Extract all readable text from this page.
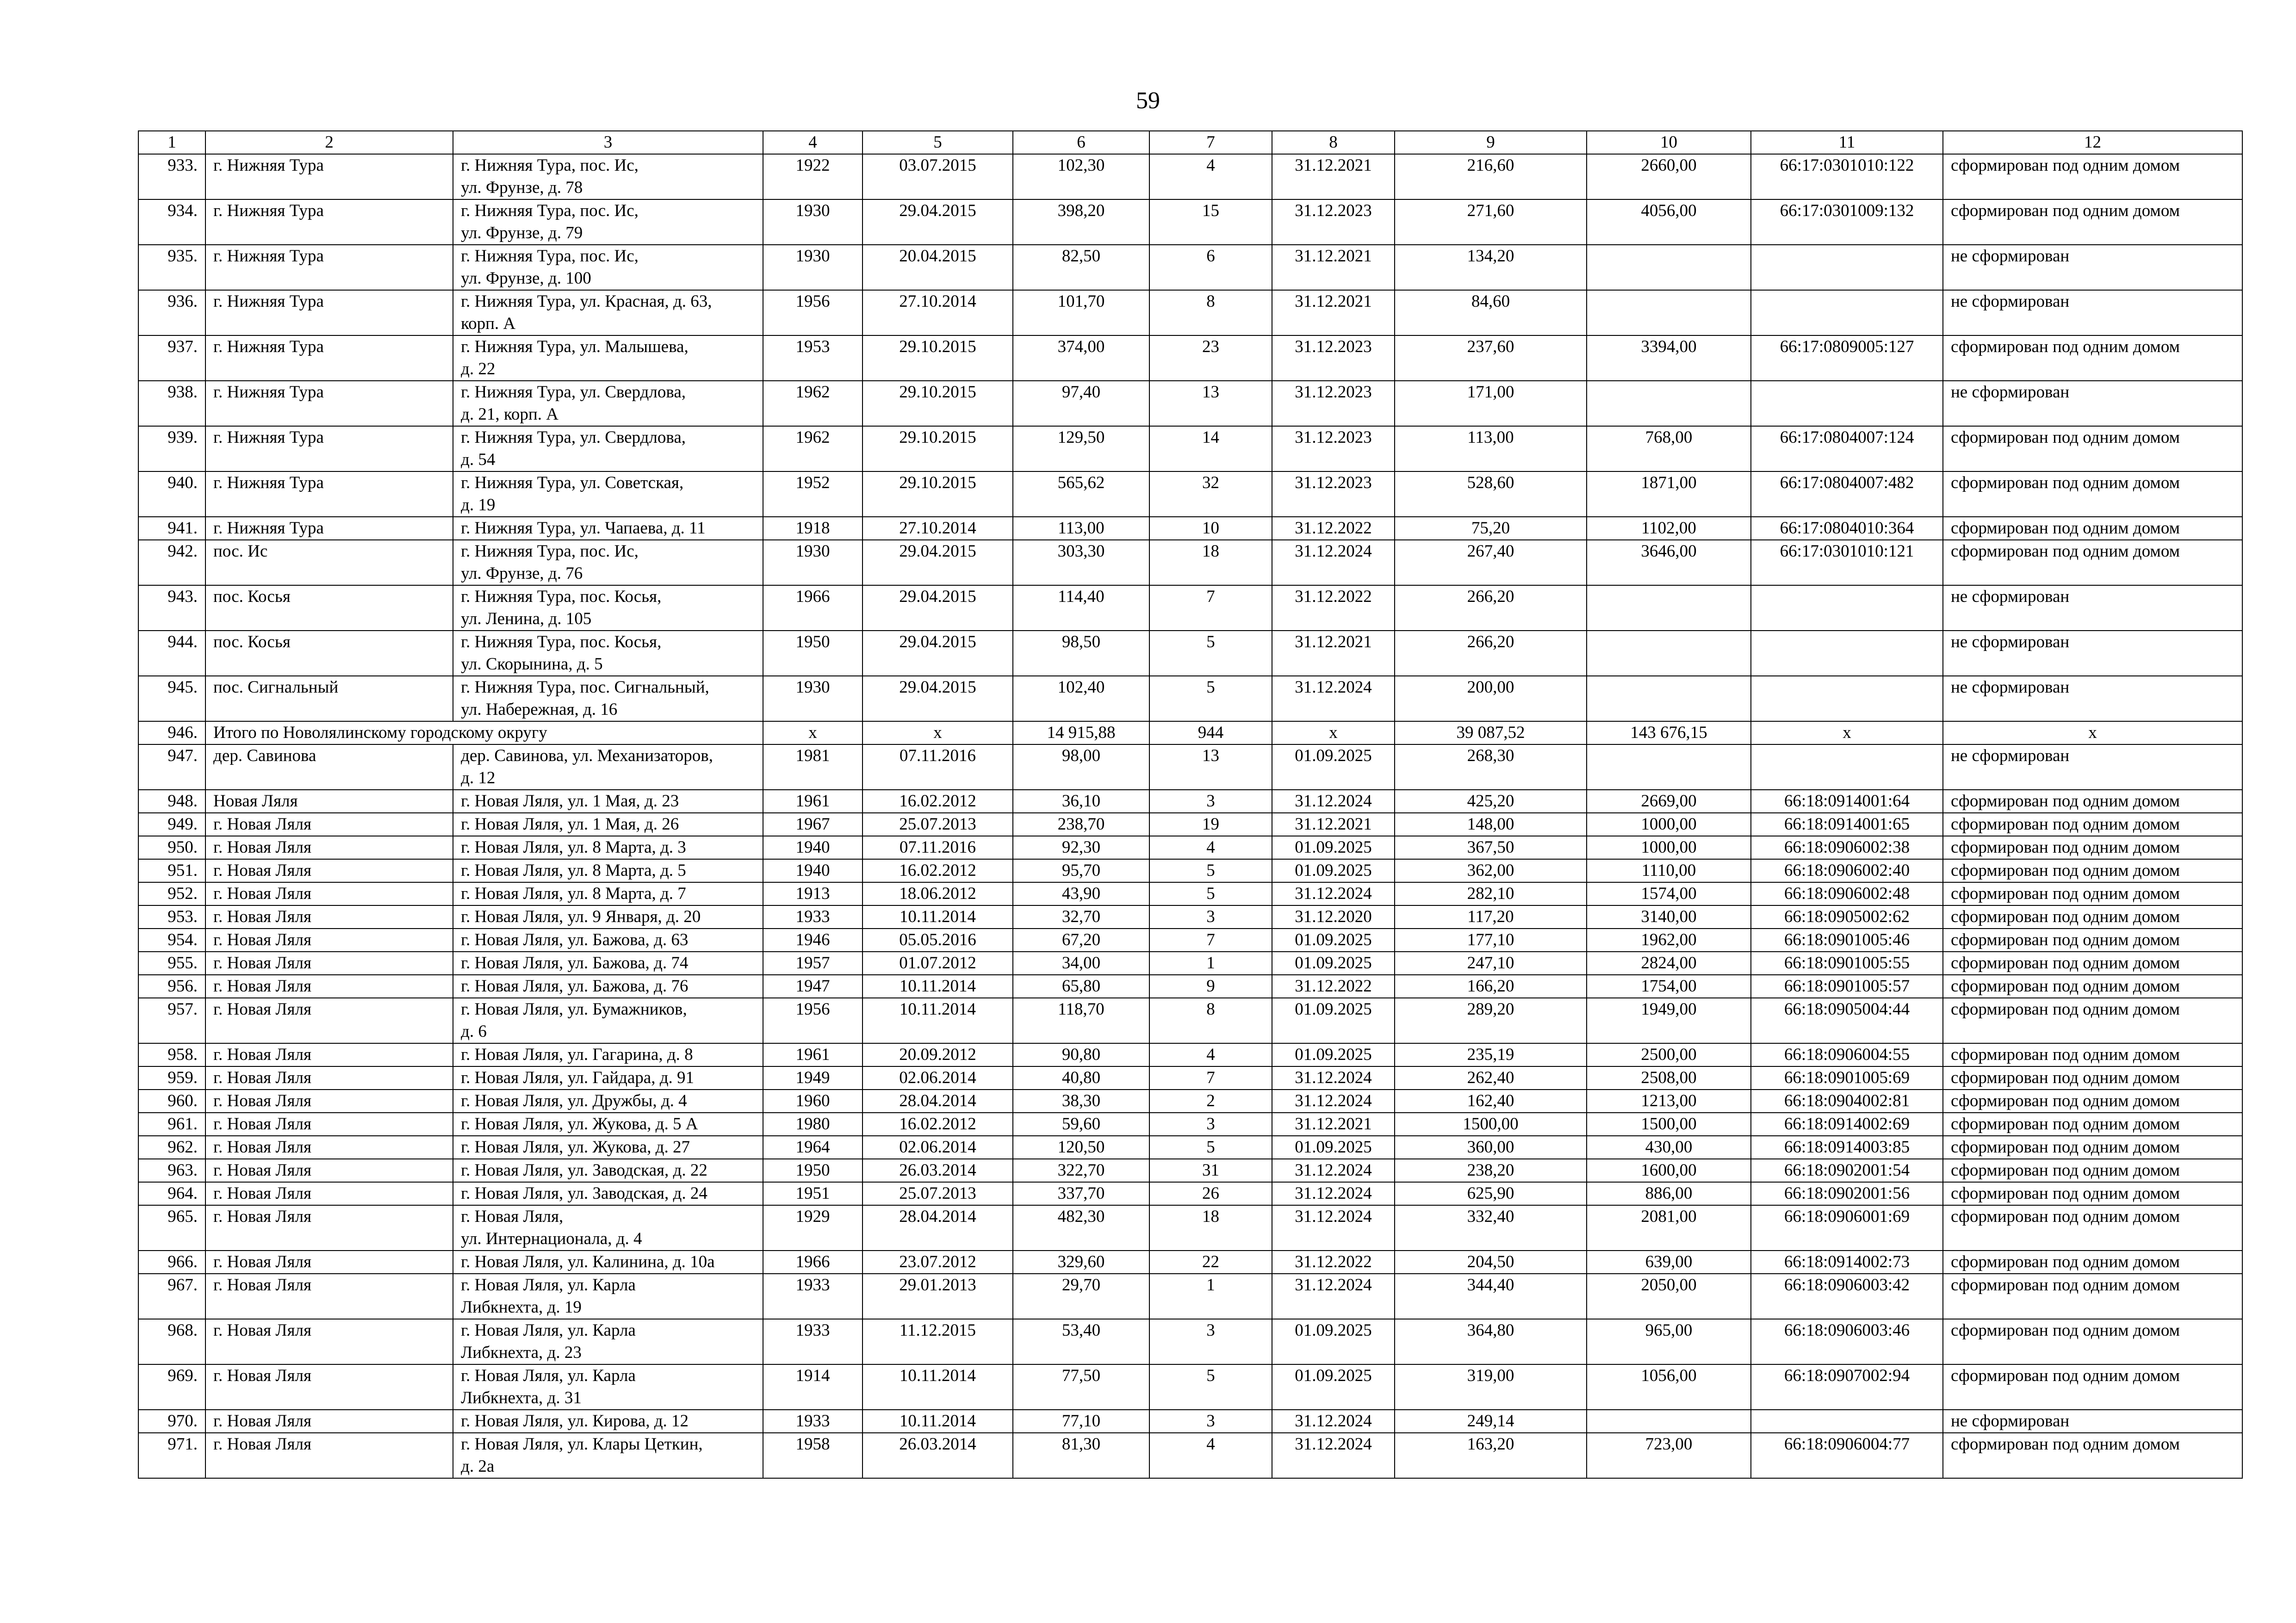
59
1	2	3	4	5	6	7	8	9	10	11	12
933.	г. Нижняя Тура	г. Нижняя Тура, пос. Ис,
ул. Фрунзе, д. 78	1922	03.07.2015	102,30	4	31.12.2021	216,60	2660,00	66:17:0301010:122	сформирован под одним домом
934.	г. Нижняя Тура	г. Нижняя Тура, пос. Ис,
ул. Фрунзе, д. 79	1930	29.04.2015	398,20	15	31.12.2023	271,60	4056,00	66:17:0301009:132	сформирован под одним домом
935.	г. Нижняя Тура	г. Нижняя Тура, пос. Ис,
ул. Фрунзе, д. 100	1930	20.04.2015	82,50	6	31.12.2021	134,20			не сформирован
936.	г. Нижняя Тура	г. Нижняя Тура, ул. Красная, д. 63,
корп. А	1956	27.10.2014	101,70	8	31.12.2021	84,60			не сформирован
937.	г. Нижняя Тура	г. Нижняя Тура, ул. Малышева,
д. 22	1953	29.10.2015	374,00	23	31.12.2023	237,60	3394,00	66:17:0809005:127	сформирован под одним домом
938.	г. Нижняя Тура	г. Нижняя Тура, ул. Свердлова,
д. 21, корп. А	1962	29.10.2015	97,40	13	31.12.2023	171,00			не сформирован
939.	г. Нижняя Тура	г. Нижняя Тура, ул. Свердлова,
д. 54	1962	29.10.2015	129,50	14	31.12.2023	113,00	768,00	66:17:0804007:124	сформирован под одним домом
940.	г. Нижняя Тура	г. Нижняя Тура, ул. Советская,
д. 19	1952	29.10.2015	565,62	32	31.12.2023	528,60	1871,00	66:17:0804007:482	сформирован под одним домом
941.	г. Нижняя Тура	г. Нижняя Тура, ул. Чапаева, д. 11	1918	27.10.2014	113,00	10	31.12.2022	75,20	1102,00	66:17:0804010:364	сформирован под одним домом
942.	пос. Ис	г. Нижняя Тура, пос. Ис,
ул. Фрунзе, д. 76	1930	29.04.2015	303,30	18	31.12.2024	267,40	3646,00	66:17:0301010:121	сформирован под одним домом
943.	пос. Косья	г. Нижняя Тура, пос. Косья,
ул. Ленина, д. 105	1966	29.04.2015	114,40	7	31.12.2022	266,20			не сформирован
944.	пос. Косья	г. Нижняя Тура, пос. Косья,
ул. Скорынина, д. 5	1950	29.04.2015	98,50	5	31.12.2021	266,20			не сформирован
945.	пос. Сигнальный	г. Нижняя Тура, пос. Сигнальный,
ул. Набережная, д. 16	1930	29.04.2015	102,40	5	31.12.2024	200,00			не сформирован
946.	Итого по Новолялинскому городскому округу		x	x	14 915,88	944	x	39 087,52	143 676,15	x	x
947.	дер. Савинова	дер. Савинова, ул. Механизаторов,
д. 12	1981	07.11.2016	98,00	13	01.09.2025	268,30			не сформирован
948.	Новая Ляля	г. Новая Ляля, ул. 1 Мая, д. 23	1961	16.02.2012	36,10	3	31.12.2024	425,20	2669,00	66:18:0914001:64	сформирован под одним домом
949.	г. Новая Ляля	г. Новая Ляля, ул. 1 Мая, д. 26	1967	25.07.2013	238,70	19	31.12.2021	148,00	1000,00	66:18:0914001:65	сформирован под одним домом
950.	г. Новая Ляля	г. Новая Ляля, ул. 8 Марта, д. 3	1940	07.11.2016	92,30	4	01.09.2025	367,50	1000,00	66:18:0906002:38	сформирован под одним домом
951.	г. Новая Ляля	г. Новая Ляля, ул. 8 Марта, д. 5	1940	16.02.2012	95,70	5	01.09.2025	362,00	1110,00	66:18:0906002:40	сформирован под одним домом
952.	г. Новая Ляля	г. Новая Ляля, ул. 8 Марта, д. 7	1913	18.06.2012	43,90	5	31.12.2024	282,10	1574,00	66:18:0906002:48	сформирован под одним домом
953.	г. Новая Ляля	г. Новая Ляля, ул. 9 Января, д. 20	1933	10.11.2014	32,70	3	31.12.2020	117,20	3140,00	66:18:0905002:62	сформирован под одним домом
954.	г. Новая Ляля	г. Новая Ляля, ул. Бажова, д. 63	1946	05.05.2016	67,20	7	01.09.2025	177,10	1962,00	66:18:0901005:46	сформирован под одним домом
955.	г. Новая Ляля	г. Новая Ляля, ул. Бажова, д. 74	1957	01.07.2012	34,00	1	01.09.2025	247,10	2824,00	66:18:0901005:55	сформирован под одним домом
956.	г. Новая Ляля	г. Новая Ляля, ул. Бажова, д. 76	1947	10.11.2014	65,80	9	31.12.2022	166,20	1754,00	66:18:0901005:57	сформирован под одним домом
957.	г. Новая Ляля	г. Новая Ляля, ул. Бумажников,
д. 6	1956	10.11.2014	118,70	8	01.09.2025	289,20	1949,00	66:18:0905004:44	сформирован под одним домом
958.	г. Новая Ляля	г. Новая Ляля, ул. Гагарина, д. 8	1961	20.09.2012	90,80	4	01.09.2025	235,19	2500,00	66:18:0906004:55	сформирован под одним домом
959.	г. Новая Ляля	г. Новая Ляля, ул. Гайдара, д. 91	1949	02.06.2014	40,80	7	31.12.2024	262,40	2508,00	66:18:0901005:69	сформирован под одним домом
960.	г. Новая Ляля	г. Новая Ляля, ул. Дружбы, д. 4	1960	28.04.2014	38,30	2	31.12.2024	162,40	1213,00	66:18:0904002:81	сформирован под одним домом
961.	г. Новая Ляля	г. Новая Ляля, ул. Жукова, д. 5 А	1980	16.02.2012	59,60	3	31.12.2021	1500,00	1500,00	66:18:0914002:69	сформирован под одним домом
962.	г. Новая Ляля	г. Новая Ляля, ул. Жукова, д. 27	1964	02.06.2014	120,50	5	01.09.2025	360,00	430,00	66:18:0914003:85	сформирован под одним домом
963.	г. Новая Ляля	г. Новая Ляля, ул. Заводская, д. 22	1950	26.03.2014	322,70	31	31.12.2024	238,20	1600,00	66:18:0902001:54	сформирован под одним домом
964.	г. Новая Ляля	г. Новая Ляля, ул. Заводская, д. 24	1951	25.07.2013	337,70	26	31.12.2024	625,90	886,00	66:18:0902001:56	сформирован под одним домом
965.	г. Новая Ляля	г. Новая Ляля,
ул. Интернационала, д. 4	1929	28.04.2014	482,30	18	31.12.2024	332,40	2081,00	66:18:0906001:69	сформирован под одним домом
966.	г. Новая Ляля	г. Новая Ляля, ул. Калинина, д. 10а	1966	23.07.2012	329,60	22	31.12.2022	204,50	639,00	66:18:0914002:73	сформирован под одним домом
967.	г. Новая Ляля	г. Новая Ляля, ул. Карла
Либкнехта, д. 19	1933	29.01.2013	29,70	1	31.12.2024	344,40	2050,00	66:18:0906003:42	сформирован под одним домом
968.	г. Новая Ляля	г. Новая Ляля, ул. Карла
Либкнехта, д. 23	1933	11.12.2015	53,40	3	01.09.2025	364,80	965,00	66:18:0906003:46	сформирован под одним домом
969.	г. Новая Ляля	г. Новая Ляля, ул. Карла
Либкнехта, д. 31	1914	10.11.2014	77,50	5	01.09.2025	319,00	1056,00	66:18:0907002:94	сформирован под одним домом
970.	г. Новая Ляля	г. Новая Ляля, ул. Кирова, д. 12	1933	10.11.2014	77,10	3	31.12.2024	249,14			не сформирован
971.	г. Новая Ляля	г. Новая Ляля, ул. Клары Цеткин,
д. 2а	1958	26.03.2014	81,30	4	31.12.2024	163,20	723,00	66:18:0906004:77	сформирован под одним домом
